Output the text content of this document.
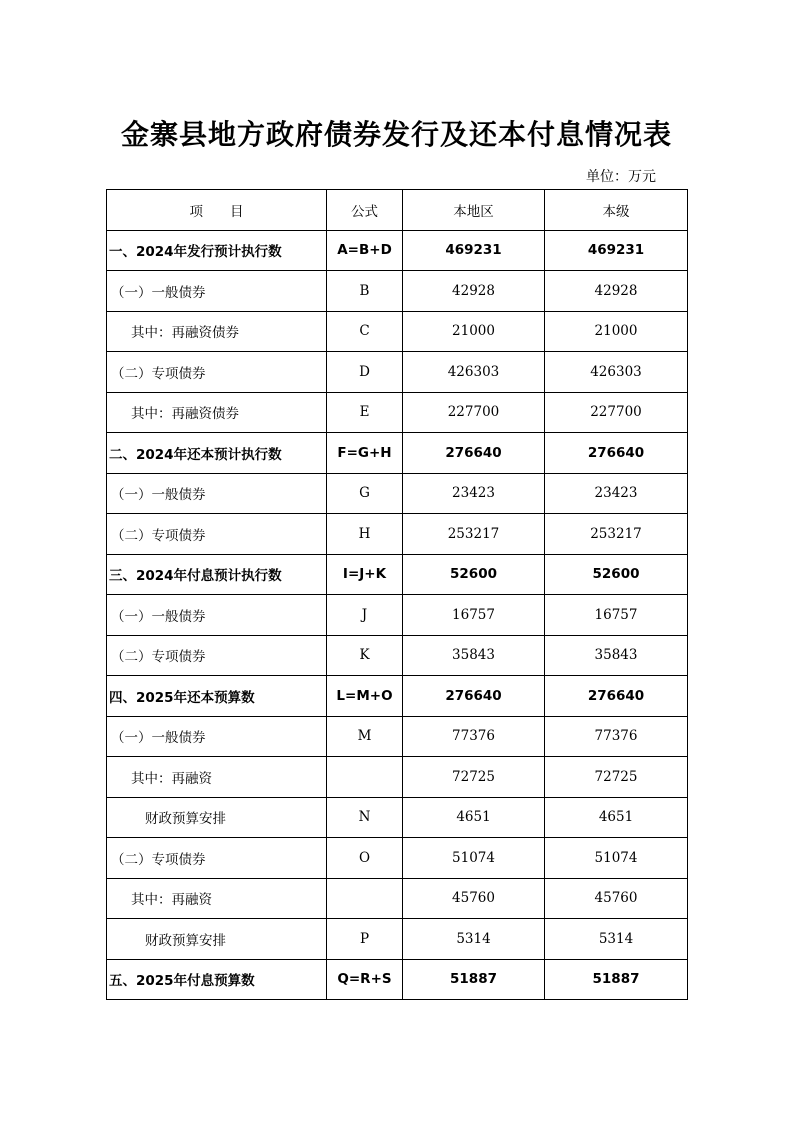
金寨县地方政府债券发行及还本付息情况表
单位：万元
项　　目	公式	本地区	本级
一、2024年发行预计执行数	A=B+D	469231	469231
（一）一般债券	B	42928	42928
其中：再融资债券	C	21000	21000
（二）专项债券	D	426303	426303
其中：再融资债券	E	227700	227700
二、2024年还本预计执行数	F=G+H	276640	276640
（一）一般债券	G	23423	23423
（二）专项债券	H	253217	253217
三、2024年付息预计执行数	I=J+K	52600	52600
（一）一般债券	J	16757	16757
（二）专项债券	K	35843	35843
四、2025年还本预算数	L=M+O	276640	276640
（一）一般债券	M	77376	77376
其中：再融资		72725	72725
财政预算安排	N	4651	4651
（二）专项债券	O	51074	51074
其中：再融资		45760	45760
财政预算安排	P	5314	5314
五、2025年付息预算数	Q=R+S	51887	51887
